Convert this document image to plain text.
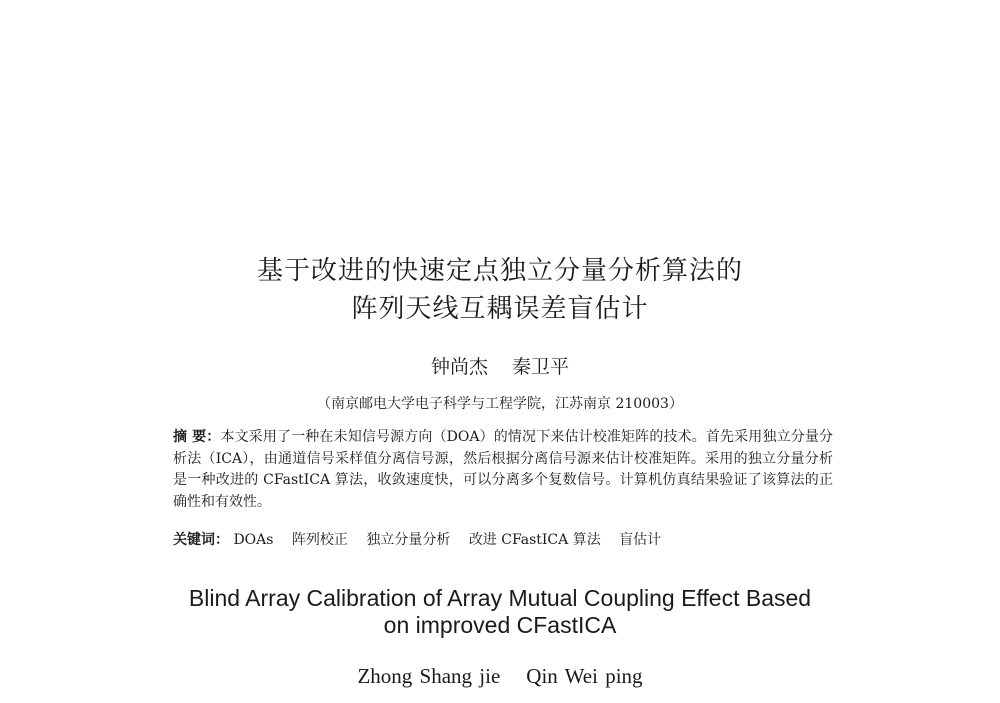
基于改进的快速定点独立分量分析算法的
阵列天线互耦误差盲估计
钟尚杰 秦卫平
（南京邮电大学电子科学与工程学院，江苏南京 210003）
摘 要：本文采用了一种在未知信号源方向（DOA）的情况下来估计校准矩阵的技术。首先采用独立分量分析法（ICA），由通道信号采样值分离信号源，然后根据分离信号源来估计校准矩阵。采用的独立分量分析是一种改进的 CFastICA 算法，收敛速度快，可以分离多个复数信号。计算机仿真结果验证了该算法的正确性和有效性。
关键词： DOAs 阵列校正 独立分量分析 改进 CFastICA 算法 盲估计
Blind Array Calibration of Array Mutual Coupling Effect Based
on improved CFastICA
Zhong Shang jie Qin Wei ping
